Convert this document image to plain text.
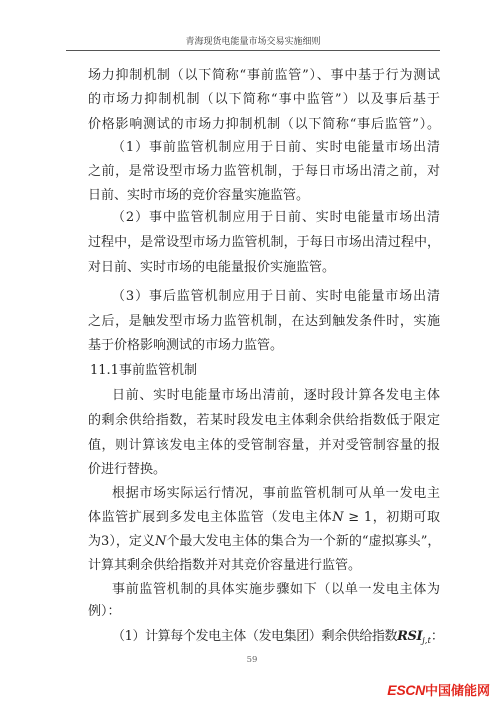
青海现货电能量市场交易实施细则
场力抑制机制（以下简称“事前监管”）、事中基于行为测试
的市场力抑制机制（以下简称“事中监管”）以及事后基于
价格影响测试的市场力抑制机制（以下简称“事后监管”）。
（1）事前监管机制应用于日前、实时电能量市场出清
之前，是常设型市场力监管机制，于每日市场出清之前，对
日前、实时市场的竞价容量实施监管。
（2）事中监管机制应用于日前、实时电能量市场出清
过程中，是常设型市场力监管机制，于每日市场出清过程中，
对日前、实时市场的电能量报价实施监管。
（3）事后监管机制应用于日前、实时电能量市场出清
之后，是触发型市场力监管机制，在达到触发条件时，实施
基于价格影响测试的市场力监管。
11.1事前监管机制
日前、实时电能量市场出清前，逐时段计算各发电主体
的剩余供给指数，若某时段发电主体剩余供给指数低于限定
值，则计算该发电主体的受管制容量，并对受管制容量的报
价进行替换。
根据市场实际运行情况，事前监管机制可从单一发电主
体监管扩展到多发电主体监管（发电主体N ≥ 1，初期可取
为3），定义N个最大发电主体的集合为一个新的“虚拟寡头”，
计算其剩余供给指数并对其竞价容量进行监管。
事前监管机制的具体实施步骤如下（以单一发电主体为
例）：
（1）计算每个发电主体（发电集团）剩余供给指数$RSI_{j,t}$：
59
ESCN中国储能网
